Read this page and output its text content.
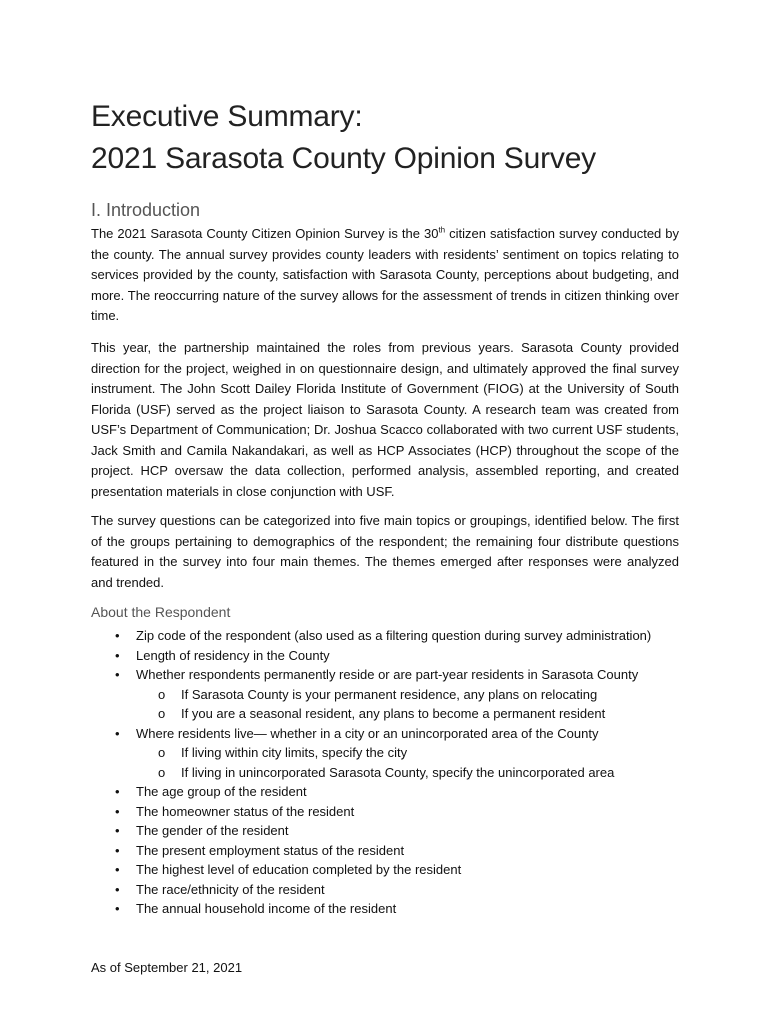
Executive Summary:
2021 Sarasota County Opinion Survey
I. Introduction
The 2021 Sarasota County Citizen Opinion Survey is the 30th citizen satisfaction survey conducted by the county. The annual survey provides county leaders with residents’ sentiment on topics relating to services provided by the county, satisfaction with Sarasota County, perceptions about budgeting, and more. The reoccurring nature of the survey allows for the assessment of trends in citizen thinking over time.
This year, the partnership maintained the roles from previous years. Sarasota County provided direction for the project, weighed in on questionnaire design, and ultimately approved the final survey instrument. The John Scott Dailey Florida Institute of Government (FIOG) at the University of South Florida (USF) served as the project liaison to Sarasota County. A research team was created from USF’s Department of Communication; Dr. Joshua Scacco collaborated with two current USF students, Jack Smith and Camila Nakandakari, as well as HCP Associates (HCP) throughout the scope of the project. HCP oversaw the data collection, performed analysis, assembled reporting, and created presentation materials in close conjunction with USF.
The survey questions can be categorized into five main topics or groupings, identified below. The first of the groups pertaining to demographics of the respondent; the remaining four distribute questions featured in the survey into four main themes. The themes emerged after responses were analyzed and trended.
About the Respondent
• Zip code of the respondent (also used as a filtering question during survey administration)
• Length of residency in the County
• Whether respondents permanently reside or are part-year residents in Sarasota County
o If Sarasota County is your permanent residence, any plans on relocating
o If you are a seasonal resident, any plans to become a permanent resident
• Where residents live— whether in a city or an unincorporated area of the County
o If living within city limits, specify the city
o If living in unincorporated Sarasota County, specify the unincorporated area
• The age group of the resident
• The homeowner status of the resident
• The gender of the resident
• The present employment status of the resident
• The highest level of education completed by the resident
• The race/ethnicity of the resident
• The annual household income of the resident
As of September 21, 2021
